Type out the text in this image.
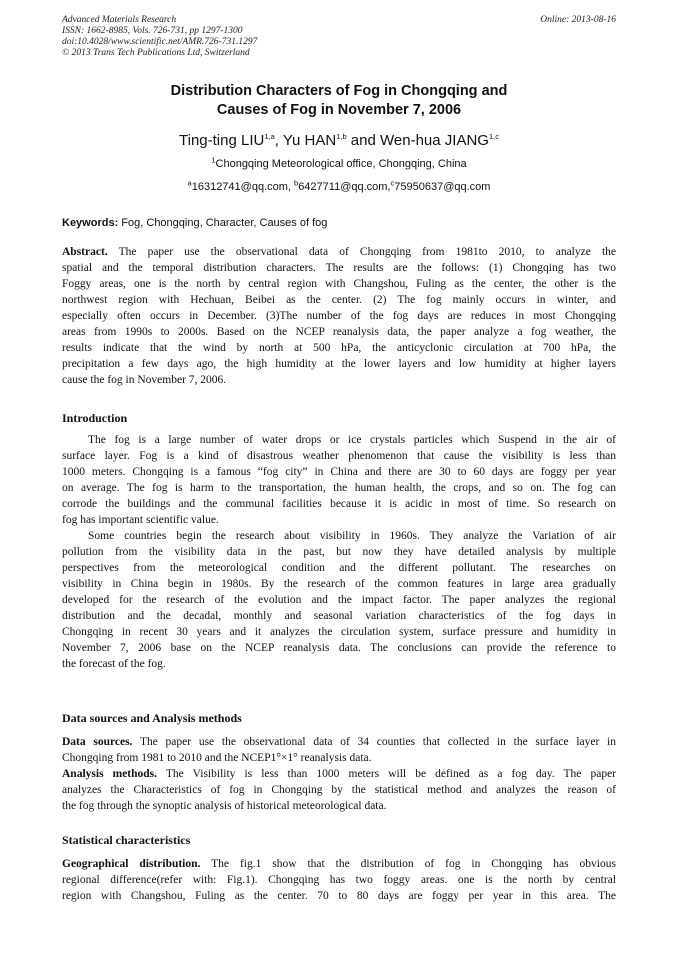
Advanced Materials Research
ISSN: 1662-8985, Vols. 726-731, pp 1297-1300
doi:10.4028/www.scientific.net/AMR.726-731.1297
© 2013 Trans Tech Publications Ltd, Switzerland
Online: 2013-08-16
Distribution Characters of Fog in Chongqing and
Causes of Fog in November 7, 2006
Ting-ting LIU$^{1,a}$, Yu HAN$^{1,b}$ and Wen-hua JIANG$^{1,c}$
$^1$Chongqing Meteorological office, Chongqing, China
$^a$16312741@qq.com, $^b$6427711@qq.com,$^c$75950637@qq.com
Keywords: Fog, Chongqing, Character, Causes of fog

Abstract. The paper use the observational data of Chongqing from 1981to 2010, to analyze the
spatial and the temporal distribution characters. The results are the follows: (1) Chongqing has two
Foggy areas, one is the north by central region with Changshou, Fuling as the center, the other is the
northwest region with Hechuan, Beibei as the center. (2) The fog mainly occurs in winter, and
especially often occurs in December. (3)The number of the fog days are reduces in most Chongqing
areas from 1990s to 2000s. Based on the NCEP reanalysis data, the paper analyze a fog weather, the
results indicate that the wind by north at 500 hPa, the anticyclonic circulation at 700 hPa, the
precipitation a few days ago, the high humidity at the lower layers and low humidity at higher layers
cause the fog in November 7, 2006.

Introduction

The fog is a large number of water drops or ice crystals particles which Suspend in the air of
surface layer. Fog is a kind of disastrous weather phenomenon that cause the visibility is less than
1000 meters. Chongqing is a famous “fog city” in China and there are 30 to 60 days are foggy per year
on average. The fog is harm to the transportation, the human health, the crops, and so on. The fog can
corrode the buildings and the communal facilities because it is acidic in most of time. So research on
fog has important scientific value.

Some countries begin the research about visibility in 1960s. They analyze the Variation of air
pollution from the visibility data in the past, but now they have detailed analysis by multiple
perspectives from the meteorological condition and the different pollutant. The researches on
visibility in China begin in 1980s. By the research of the common features in large area gradually
developed for the research of the evolution and the impact factor. The paper analyzes the regional
distribution and the decadal, monthly and seasonal variation characteristics of the fog days in
Chongqing in recent 30 years and it analyzes the circulation system, surface pressure and humidity in
November 7, 2006 base on the NCEP reanalysis data. The conclusions can provide the reference to
the forecast of the fog.

Data sources and Analysis methods

Data sources. The paper use the observational data of 34 counties that collected in the surface layer in
Chongqing from 1981 to 2010 and the NCEP1°×1° reanalysis data.

Analysis methods. The Visibility is less than 1000 meters will be defined as a fog day. The paper
analyzes the Characteristics of fog in Chongqing by the statistical method and analyzes the reason of
the fog through the synoptic analysis of historical meteorological data.

Statistical characteristics

Geographical distribution. The fig.1 show that the distribution of fog in Chongqing has obvious
regional difference(refer with: Fig.1). Chongqing has two foggy areas. one is the north by central
region with Changshou, Fuling as the center. 70 to 80 days are foggy per year in this area. The
